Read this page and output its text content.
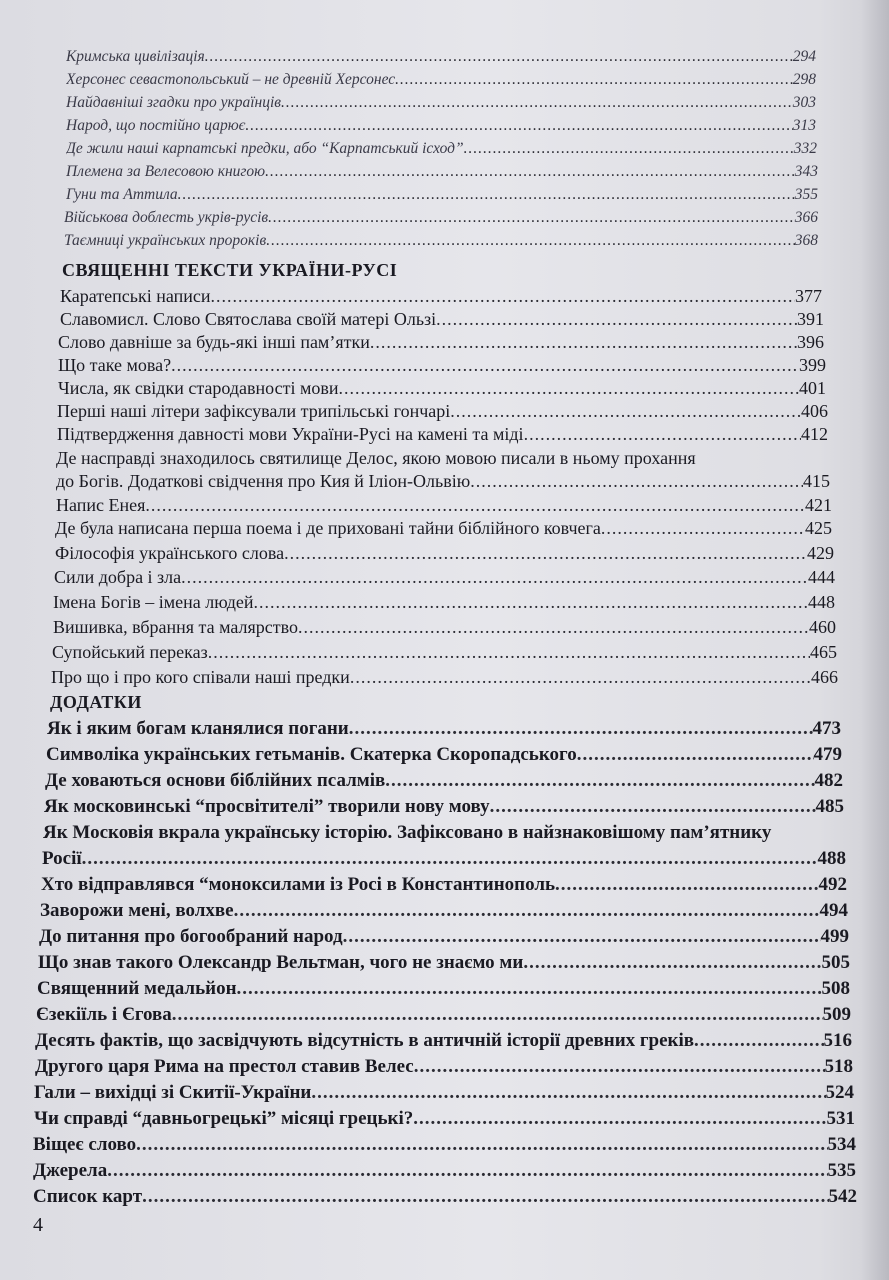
Кримська цивілізація .....	294
Херсонес севастопольський – не древній Херсонес .....	298
Найдавніші згадки про українців .....	303
Народ, що постійно царює .....	313
Де жили наші карпатські предки, або “Карпатський ісход” .....	332
Племена за Велесовою книгою .....	343
Гуни та Аттила .....	355
Військова доблесть укрів-русів .....	366
Таємниці українських пророків .....	368
СВЯЩЕННІ ТЕКСТИ УКРАЇНИ-РУСІ
Каратепські написи .....	377
Славомисл. Слово Святослава своїй матері Ользі .....	391
Слово давніше за будь-які інші пам’ятки .....	396
Що таке мова? .....	399
Числа, як свідки стародавності мови .....	401
Перші наші літери зафіксували трипільські гончарі .....	406
Підтвердження давності мови України-Русі на камені та міді .....	412
Де насправді знаходилось святилище Делос, якою мовою писали в ньому прохання
до Богів. Додаткові свідчення про Кия й Іліон-Ольвію .....	415
Напис Енея .....	421
Де була написана перша поема і де приховані тайни біблійного ковчега .....	425
Філософія українського слова .....	429
Сили добра і зла .....	444
Імена Богів – імена людей .....	448
Вишивка, вбрання та малярство .....	460
Супойський переказ .....	465
Про що і про кого співали наші предки .....	466
ДОДАТКИ
Як і яким богам кланялися погани .....	473
Символіка українських гетьманів. Скатерка Скоропадського .....	479
Де ховаються основи біблійних псалмів .....	482
Як московинські “просвітителі” творили нову мову .....	485
Як Московія вкрала українську історію. Зафіксовано в найзнаковішому пам’ятнику
Росії .....	488
Хто відправлявся “моноксилами із Росі в Константинополь .....	492
Заворожи мені, волхве .....	494
До питання про богообраний народ .....	499
Що знав такого Олександр Вельтман, чого не знаємо ми .....	505
Священний медальйон .....	508
Єзекіїль і Єгова .....	509
Десять фактів, що засвідчують відсутність в античній історії древних греків .....	516
Другого царя Рима на престол ставив Велес .....	518
Гали – вихідці зі Скитії-України .....	524
Чи справді “давньогрецькі” місяці грецькі? .....	531
Віщеє слово .....	534
Джерела .....	535
Список карт .....	542
4
